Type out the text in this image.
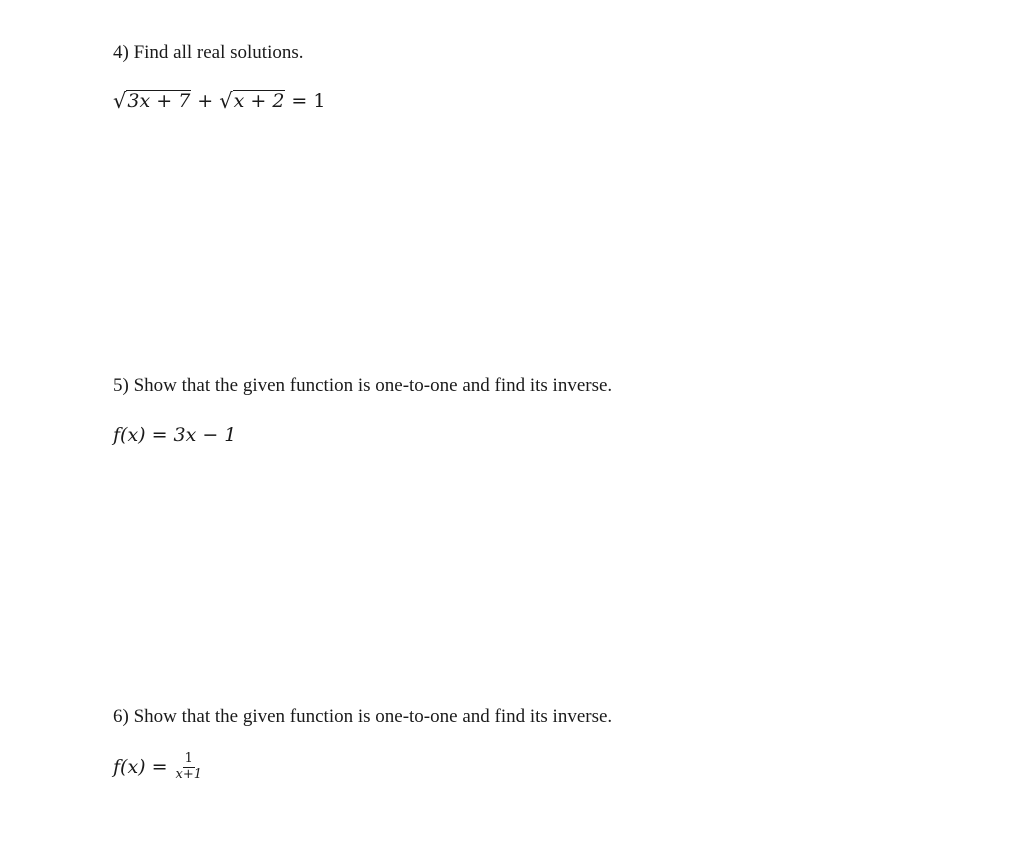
4) Find all real solutions.
√ 3x + 7 + √ x + 2 = 1
5) Show that the given function is one-to-one and find its inverse.
f(x) = 3x − 1
6) Show that the given function is one-to-one and find its inverse.
$f(x) = \frac{1}{x+1}$
